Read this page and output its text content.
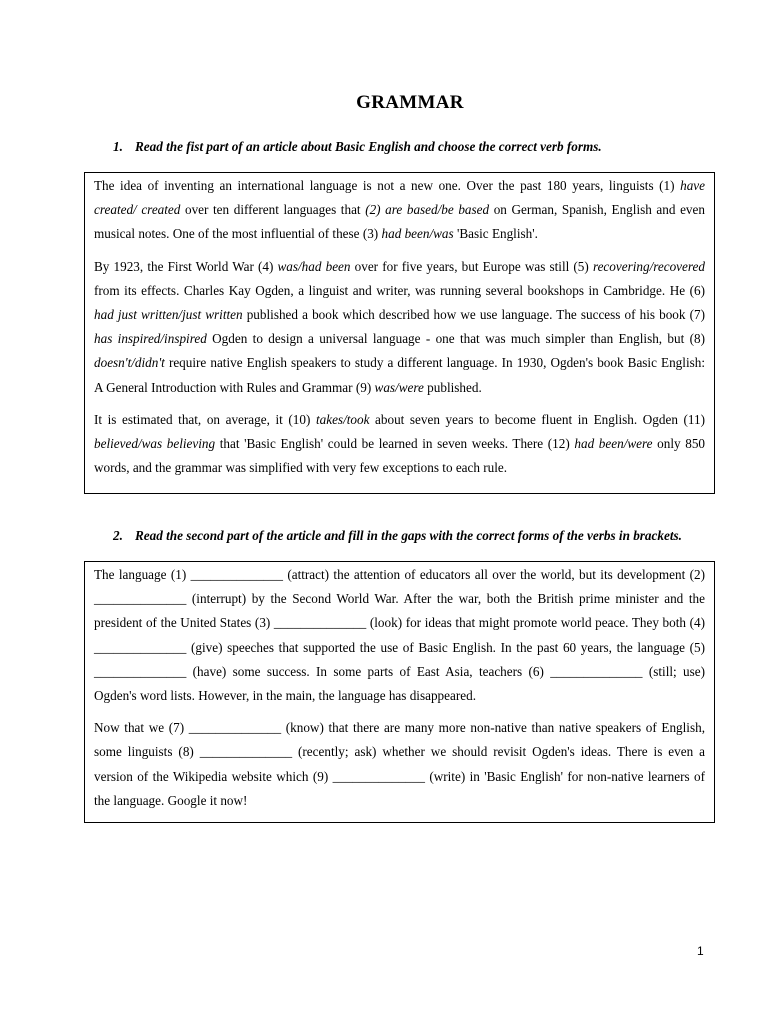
GRAMMAR
1. Read the fist part of an article about Basic English and choose the correct verb forms.

The idea of inventing an international language is not a new one. Over the past 180 years, linguists (1) have created/ created over ten different languages that (2) are based/be based on German, Spanish, English and even musical notes. One of the most influential of these (3) had been/was 'Basic English'.

By 1923, the First World War (4) was/had been over for five years, but Europe was still (5) recovering/recovered from its effects. Charles Kay Ogden, a linguist and writer, was running several bookshops in Cambridge. He (6) had just written/just written published a book which described how we use language. The success of his book (7) has inspired/inspired Ogden to design a universal language - one that was much simpler than English, but (8) doesn't/didn't require native English speakers to study a different language. In 1930, Ogden's book Basic English: A General Introduction with Rules and Grammar (9) was/were published.

It is estimated that, on average, it (10) takes/took about seven years to become fluent in English. Ogden (11) believed/was believing that 'Basic English' could be learned in seven weeks. There (12) had been/were only 850 words, and the grammar was simplified with very few exceptions to each rule.

2. Read the second part of the article and fill in the gaps with the correct forms of the verbs in brackets.

The language (1) ______________ (attract) the attention of educators all over the world, but its development (2) ______________ (interrupt) by the Second World War. After the war, both the British prime minister and the president of the United States (3) ______________ (look) for ideas that might promote world peace. They both (4) ______________ (give) speeches that supported the use of Basic English. In the past 60 years, the language (5) ______________ (have) some success. In some parts of East Asia, teachers (6) ______________ (still; use) Ogden's word lists. However, in the main, the language has disappeared.

Now that we (7) ______________ (know) that there are many more non-native than native speakers of English, some linguists (8) ______________ (recently; ask) whether we should revisit Ogden's ideas. There is even a version of the Wikipedia website which (9) ______________ (write) in 'Basic English' for non-native learners of the language. Google it now!

1
